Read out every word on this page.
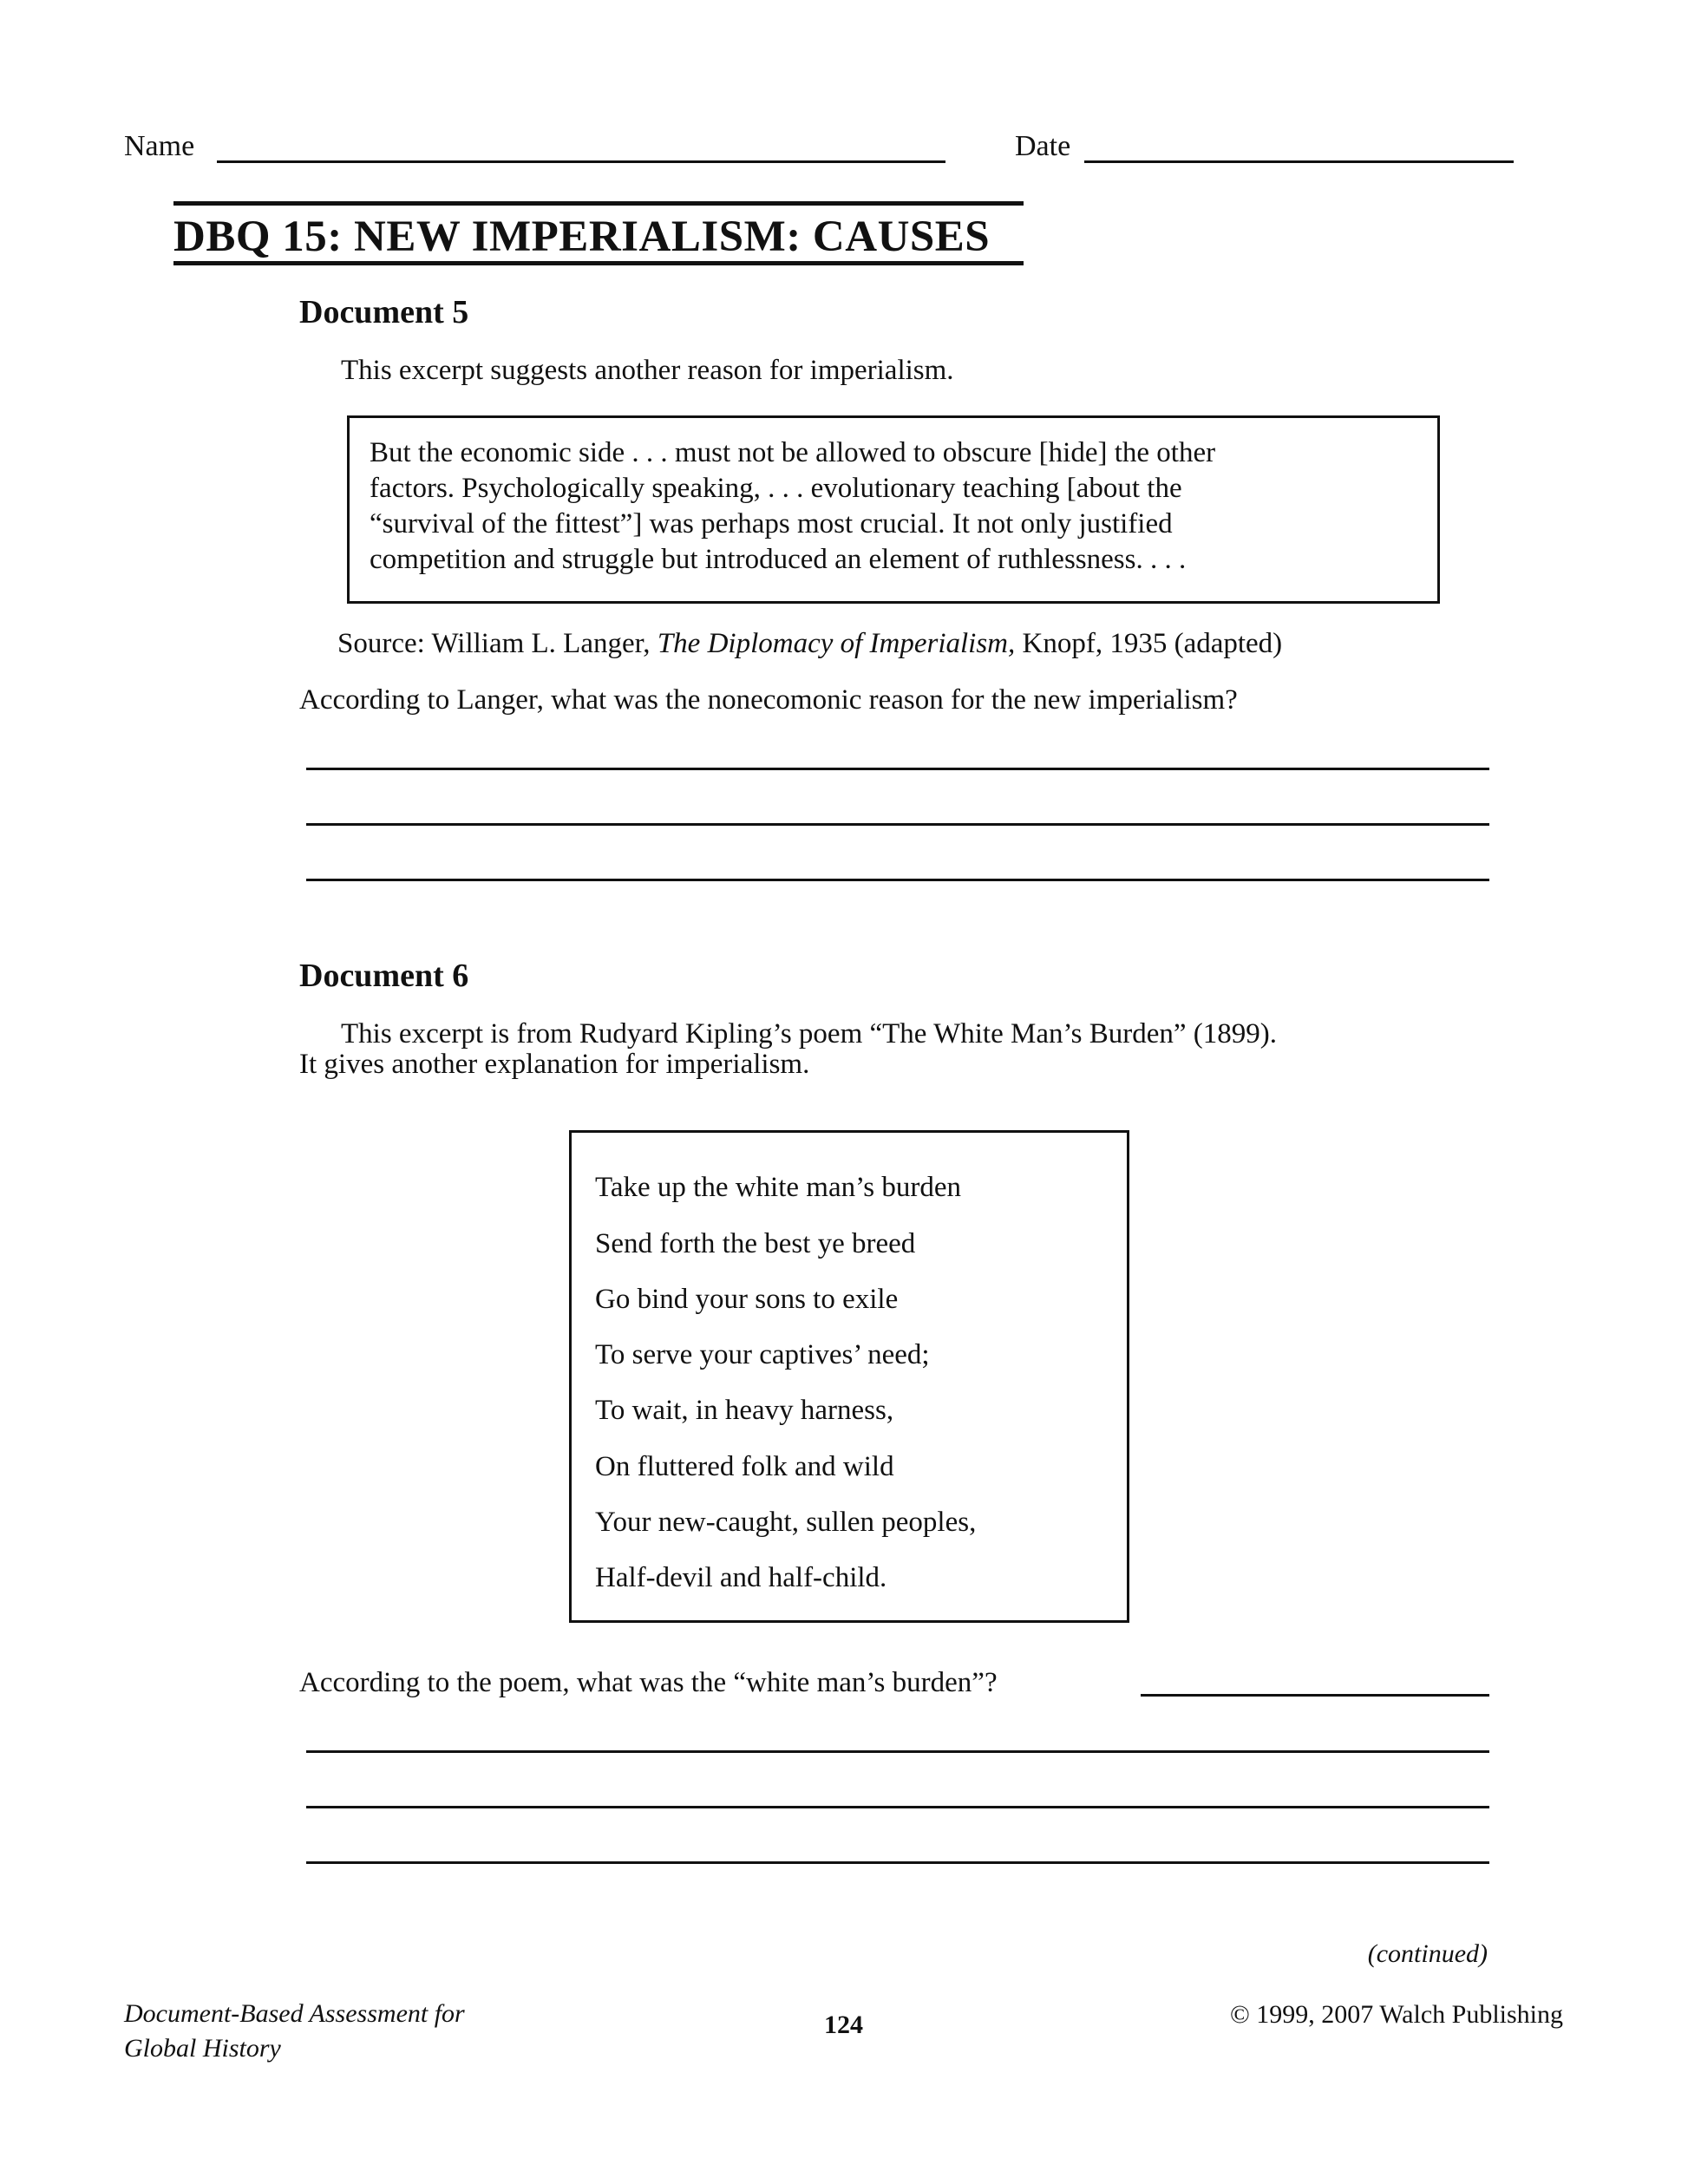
Name	Date
DBQ 15: NEW IMPERIALISM: CAUSES
Document 5
This excerpt suggests another reason for imperialism.
But the economic side . . . must not be allowed to obscure [hide] the other
factors. Psychologically speaking, . . . evolutionary teaching [about the
“survival of the fittest”] was perhaps most crucial. It not only justified
competition and struggle but introduced an element of ruthlessness. . . .
Source: William L. Langer, The Diplomacy of Imperialism, Knopf, 1935 (adapted)
According to Langer, what was the nonecomonic reason for the new imperialism?
Document 6
This excerpt is from Rudyard Kipling’s poem “The White Man’s Burden” (1899).
It gives another explanation for imperialism.
Take up the white man’s burden
Send forth the best ye breed
Go bind your sons to exile
To serve your captives’ need;
To wait, in heavy harness,
On fluttered folk and wild
Your new-caught, sullen peoples,
Half-devil and half-child.
According to the poem, what was the “white man’s burden”?
(continued)
Document-Based Assessment for
Global History
124	© 1999, 2007 Walch Publishing
